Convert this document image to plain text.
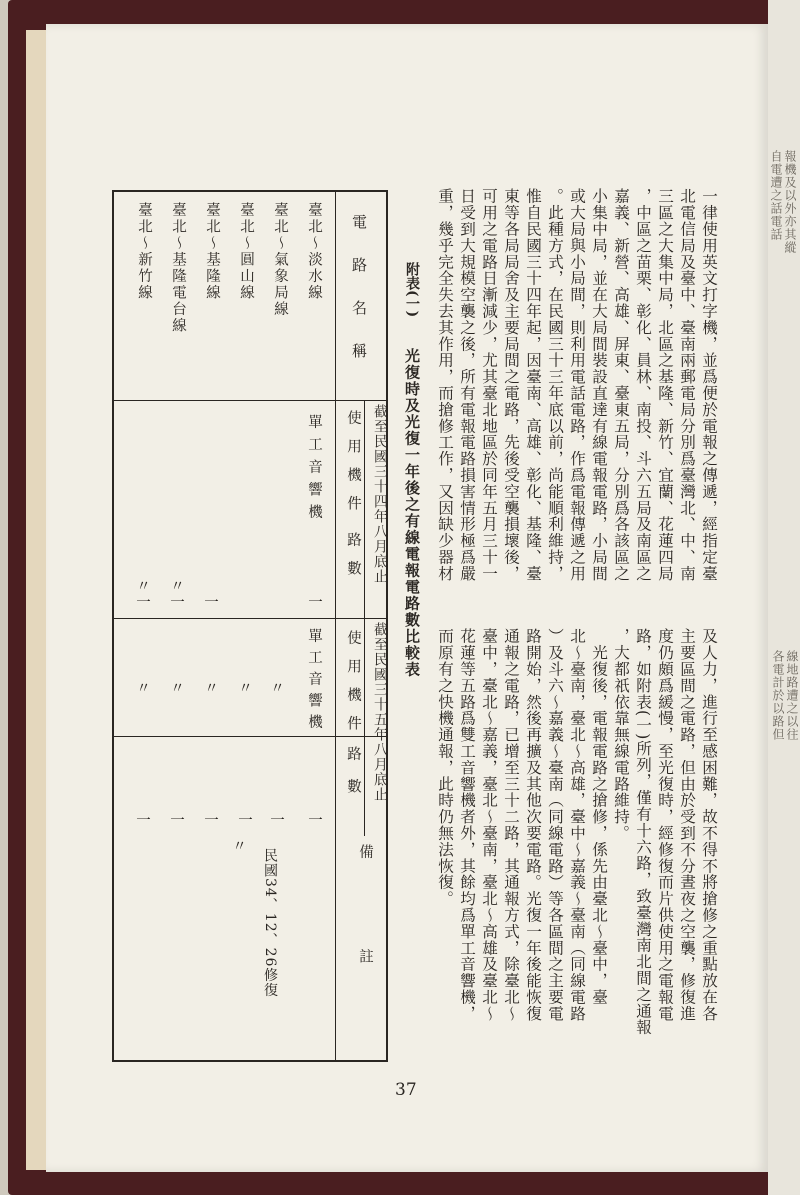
報機及以外亦其縱
自電遭之話電話
線地路遭之以往
各電計於以路但
一律使用英文打字機，並爲便於電報之傳遞，經指定臺
北電信局及臺中、臺南兩郵電局分別爲臺灣北、中、南
三區之大集中局，北區之基隆、新竹、宜蘭、花蓮四局
，中區之苗栗、彰化、員林、南投、斗六五局及南區之
嘉義、新營、高雄、屏東、臺東五局，分別爲各該區之
小集中局，並在大局間裝設直達有線電報電路，小局間
或大局與小局間，則利用電話電路，作爲電報傳遞之用
。此種方式，在民國三十三年底以前，尚能順利維持，
惟自民國三十四年起，因臺南、高雄、彰化、基隆、臺
東等各局局舍及主要局間之電路，先後受空襲損壞後，
可用之電路日漸減少，尤其臺北地區於同年五月三十一
日受到大規模空襲之後，所有電報電路損害情形極爲嚴
重，幾乎完全失去其作用，而搶修工作，又因缺少器材
及人力，進行至感困難，故不得不將搶修之重點放在各
主要區間之電路，但由於受到不分晝夜之空襲，修復進
度仍頗爲緩慢，至光復時，經修復而片供使用之電報電
路，如附表(一)所列，僅有十六路，致臺灣南北間之通報
，大都祇依靠無線電路維持。
　光復後，電報電路之搶修，係先由臺北～臺中，臺
北～臺南，臺北～高雄，臺中～嘉義～臺南（同線電路
）及斗六～嘉義～臺南（同線電路）等各區間之主要電
路開始，然後再擴及其他次要電路。光復一年後能恢復
通報之電路，已增至三十二路，其通報方式，除臺北～
臺中，臺北～嘉義，臺北～臺南，臺北～高雄及臺北～
花蓮等五路爲雙工音響機者外，其餘均爲單工音響機，
而原有之快機通報，此時仍無法恢復。
附表(一)
光復時及光復一年後之有線電報電路數比較表
電路名稱
截至民國三十四年八月底止
截至民國三十五年八月底止
使用機件
路數
使用機件
路數
備註
臺北～淡水線
單工音響機
一
單工音響機
一
臺北～氣象局線
〃
一
民國34、12、26修復
臺北～圓山線
〃
一
臺北～基隆線
一
〃
一
〃
臺北～基隆電台線
〃
一
〃
一
臺北～新竹線
〃
一
〃
一
37
